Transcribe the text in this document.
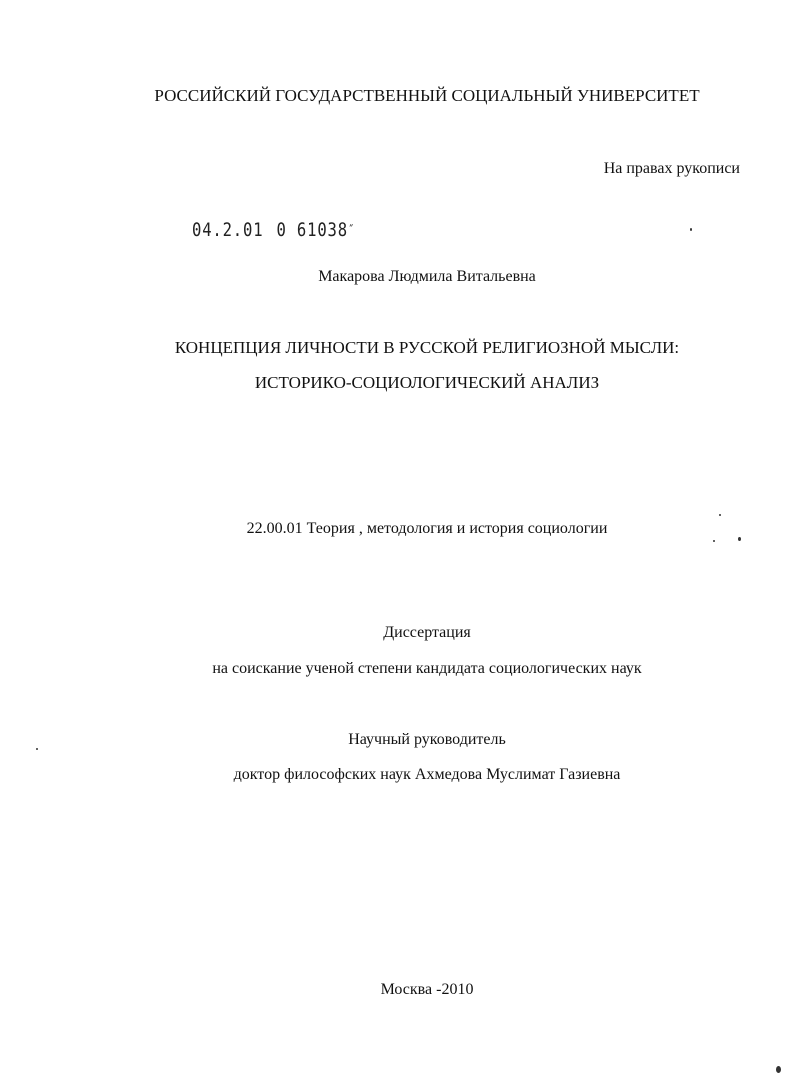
РОССИЙСКИЙ ГОСУДАРСТВЕННЫЙ СОЦИАЛЬНЫЙ УНИВЕРСИТЕТ
На правах рукописи
04.2.01 0 61038˝
Макарова Людмила Витальевна
КОНЦЕПЦИЯ ЛИЧНОСТИ В РУССКОЙ РЕЛИГИОЗНОЙ МЫСЛИ:
ИСТОРИКО-СОЦИОЛОГИЧЕСКИЙ АНАЛИЗ
22.00.01 Теория , методология и история социологии
Диссертация
на соискание ученой степени кандидата социологических наук
Научный руководитель
доктор философских наук Ахмедова Муслимат Газиевна
Москва -2010
